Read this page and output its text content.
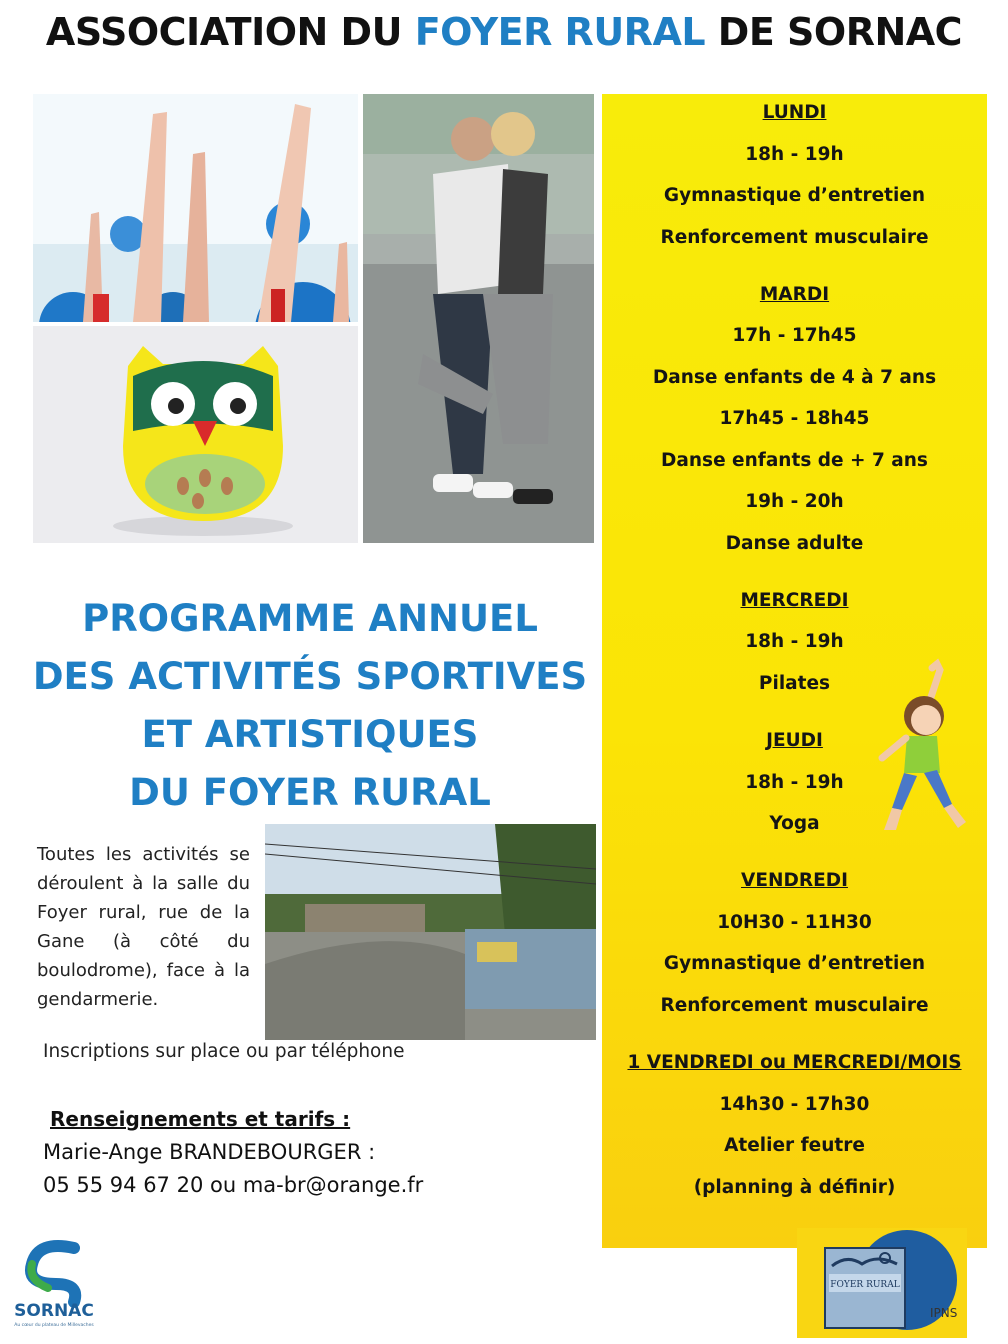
ASSOCIATION DU FOYER RURAL DE SORNAC
PROGRAMME ANNUEL
DES ACTIVITÉS SPORTIVES
ET ARTISTIQUES
DU FOYER RURAL
Toutes les activités se déroulent à la salle du Foyer rural, rue de la Gane (à côté du boulodrome), face à la gendarmerie.
Inscriptions sur place ou par téléphone
Renseignements et tarifs :
Marie-Ange BRANDEBOURGER :
05 55 94 67 20 ou ma-br@orange.fr
LUNDI
18h - 19h
Gymnastique d’entretien
Renforcement musculaire
MARDI
17h - 17h45
Danse enfants de 4 à 7 ans
17h45 - 18h45
Danse enfants de + 7 ans
19h - 20h
Danse adulte
MERCREDI
18h - 19h
Pilates
JEUDI
18h - 19h
Yoga
VENDREDI
10H30 - 11H30
Gymnastique d’entretien
Renforcement musculaire
1 VENDREDI ou MERCREDI/MOIS
14h30 - 17h30
Atelier feutre
(planning à définir)
SORNAC
Au cœur du plateau de Millevaches
FOYER RURAL
IPNS
